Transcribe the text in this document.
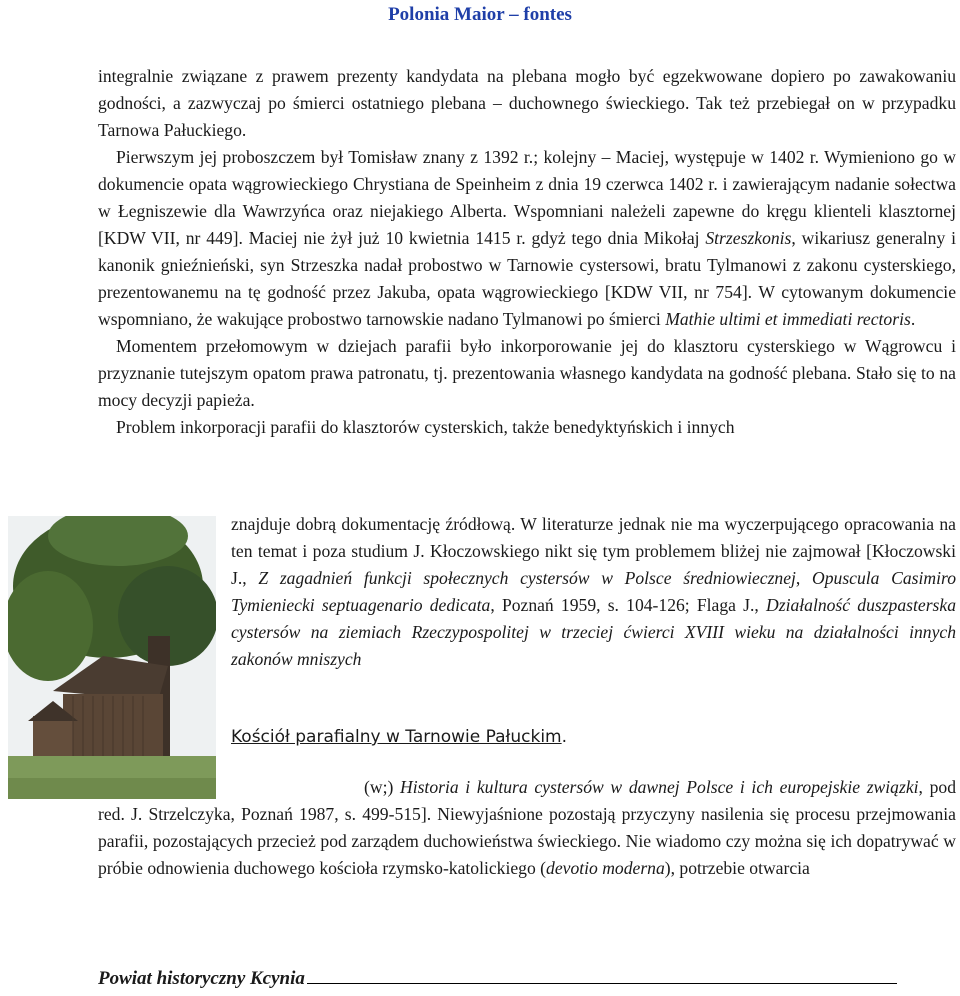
Polonia Maior – fontes
integralnie związane z prawem prezenty kandydata na plebana mogło być egzekwowane dopiero po zawakowaniu godności, a zazwyczaj po śmierci ostatniego plebana – duchownego świeckiego. Tak też przebiegał on w przypadku Tarnowa Pałuckiego.
Pierwszym jej proboszczem był Tomisław znany z 1392 r.; kolejny – Maciej, występuje w 1402 r. Wymieniono go w dokumencie opata wągrowieckiego Chrystiana de Speinheim z dnia 19 czerwca 1402 r. i zawierającym nadanie sołectwa w Łegniszewie dla Wawrzyńca oraz niejakiego Alberta. Wspomniani należeli zapewne do kręgu klienteli klasztornej [KDW VII, nr 449]. Maciej nie żył już 10 kwietnia 1415 r. gdyż tego dnia Mikołaj Strzeszkonis, wikariusz generalny i kanonik gnieźnieński, syn Strzeszka nadał probostwo w Tarnowie cystersowi, bratu Tylmanowi z zakonu cysterskiego, prezentowanemu na tę godność przez Jakuba, opata wągrowieckiego [KDW VII, nr 754]. W cytowanym dokumencie wspomniano, że wakujące probostwo tarnowskie nadano Tylmanowi po śmierci Mathie ultimi et immediati rectoris.
Momentem przełomowym w dziejach parafii było inkorporowanie jej do klasztoru cysterskiego w Wągrowcu i przyznanie tutejszym opatom prawa patronatu, tj. prezentowania własnego kandydata na godność plebana. Stało się to na mocy decyzji papieża.
Problem inkorporacji parafii do klasztorów cysterskich, także benedyktyńskich i innych
znajduje dobrą dokumentację źródłową. W literaturze jednak nie ma wyczerpującego opracowania na ten temat i poza studium J. Kłoczowskiego nikt się tym problemem bliżej nie zajmował [Kłoczowski J., Z zagadnień funkcji społecznych cystersów w Polsce średniowiecznej, Opuscula Casimiro Tymieniecki septuagenario dedicata, Poznań 1959, s. 104-126; Flaga J., Działalność duszpasterska cystersów na ziemiach Rzeczypospolitej w trzeciej ćwierci XVIII wieku na działalności innych zakonów mniszych
Kościół parafialny w Tarnowie Pałuckim.
(w;) Historia i kultura cystersów w dawnej Polsce i ich europejskie związki, pod red. J. Strzelczyka, Poznań 1987, s. 499-515]. Niewyjaśnione pozostają przyczyny nasilenia się procesu przejmowania parafii, pozostających przecież pod zarządem duchowieństwa świeckiego. Nie wiadomo czy można się ich dopatrywać w próbie odnowienia duchowego kościoła rzymsko-katolickiego (devotio moderna), potrzebie otwarcia
Powiat historyczny Kcynia
